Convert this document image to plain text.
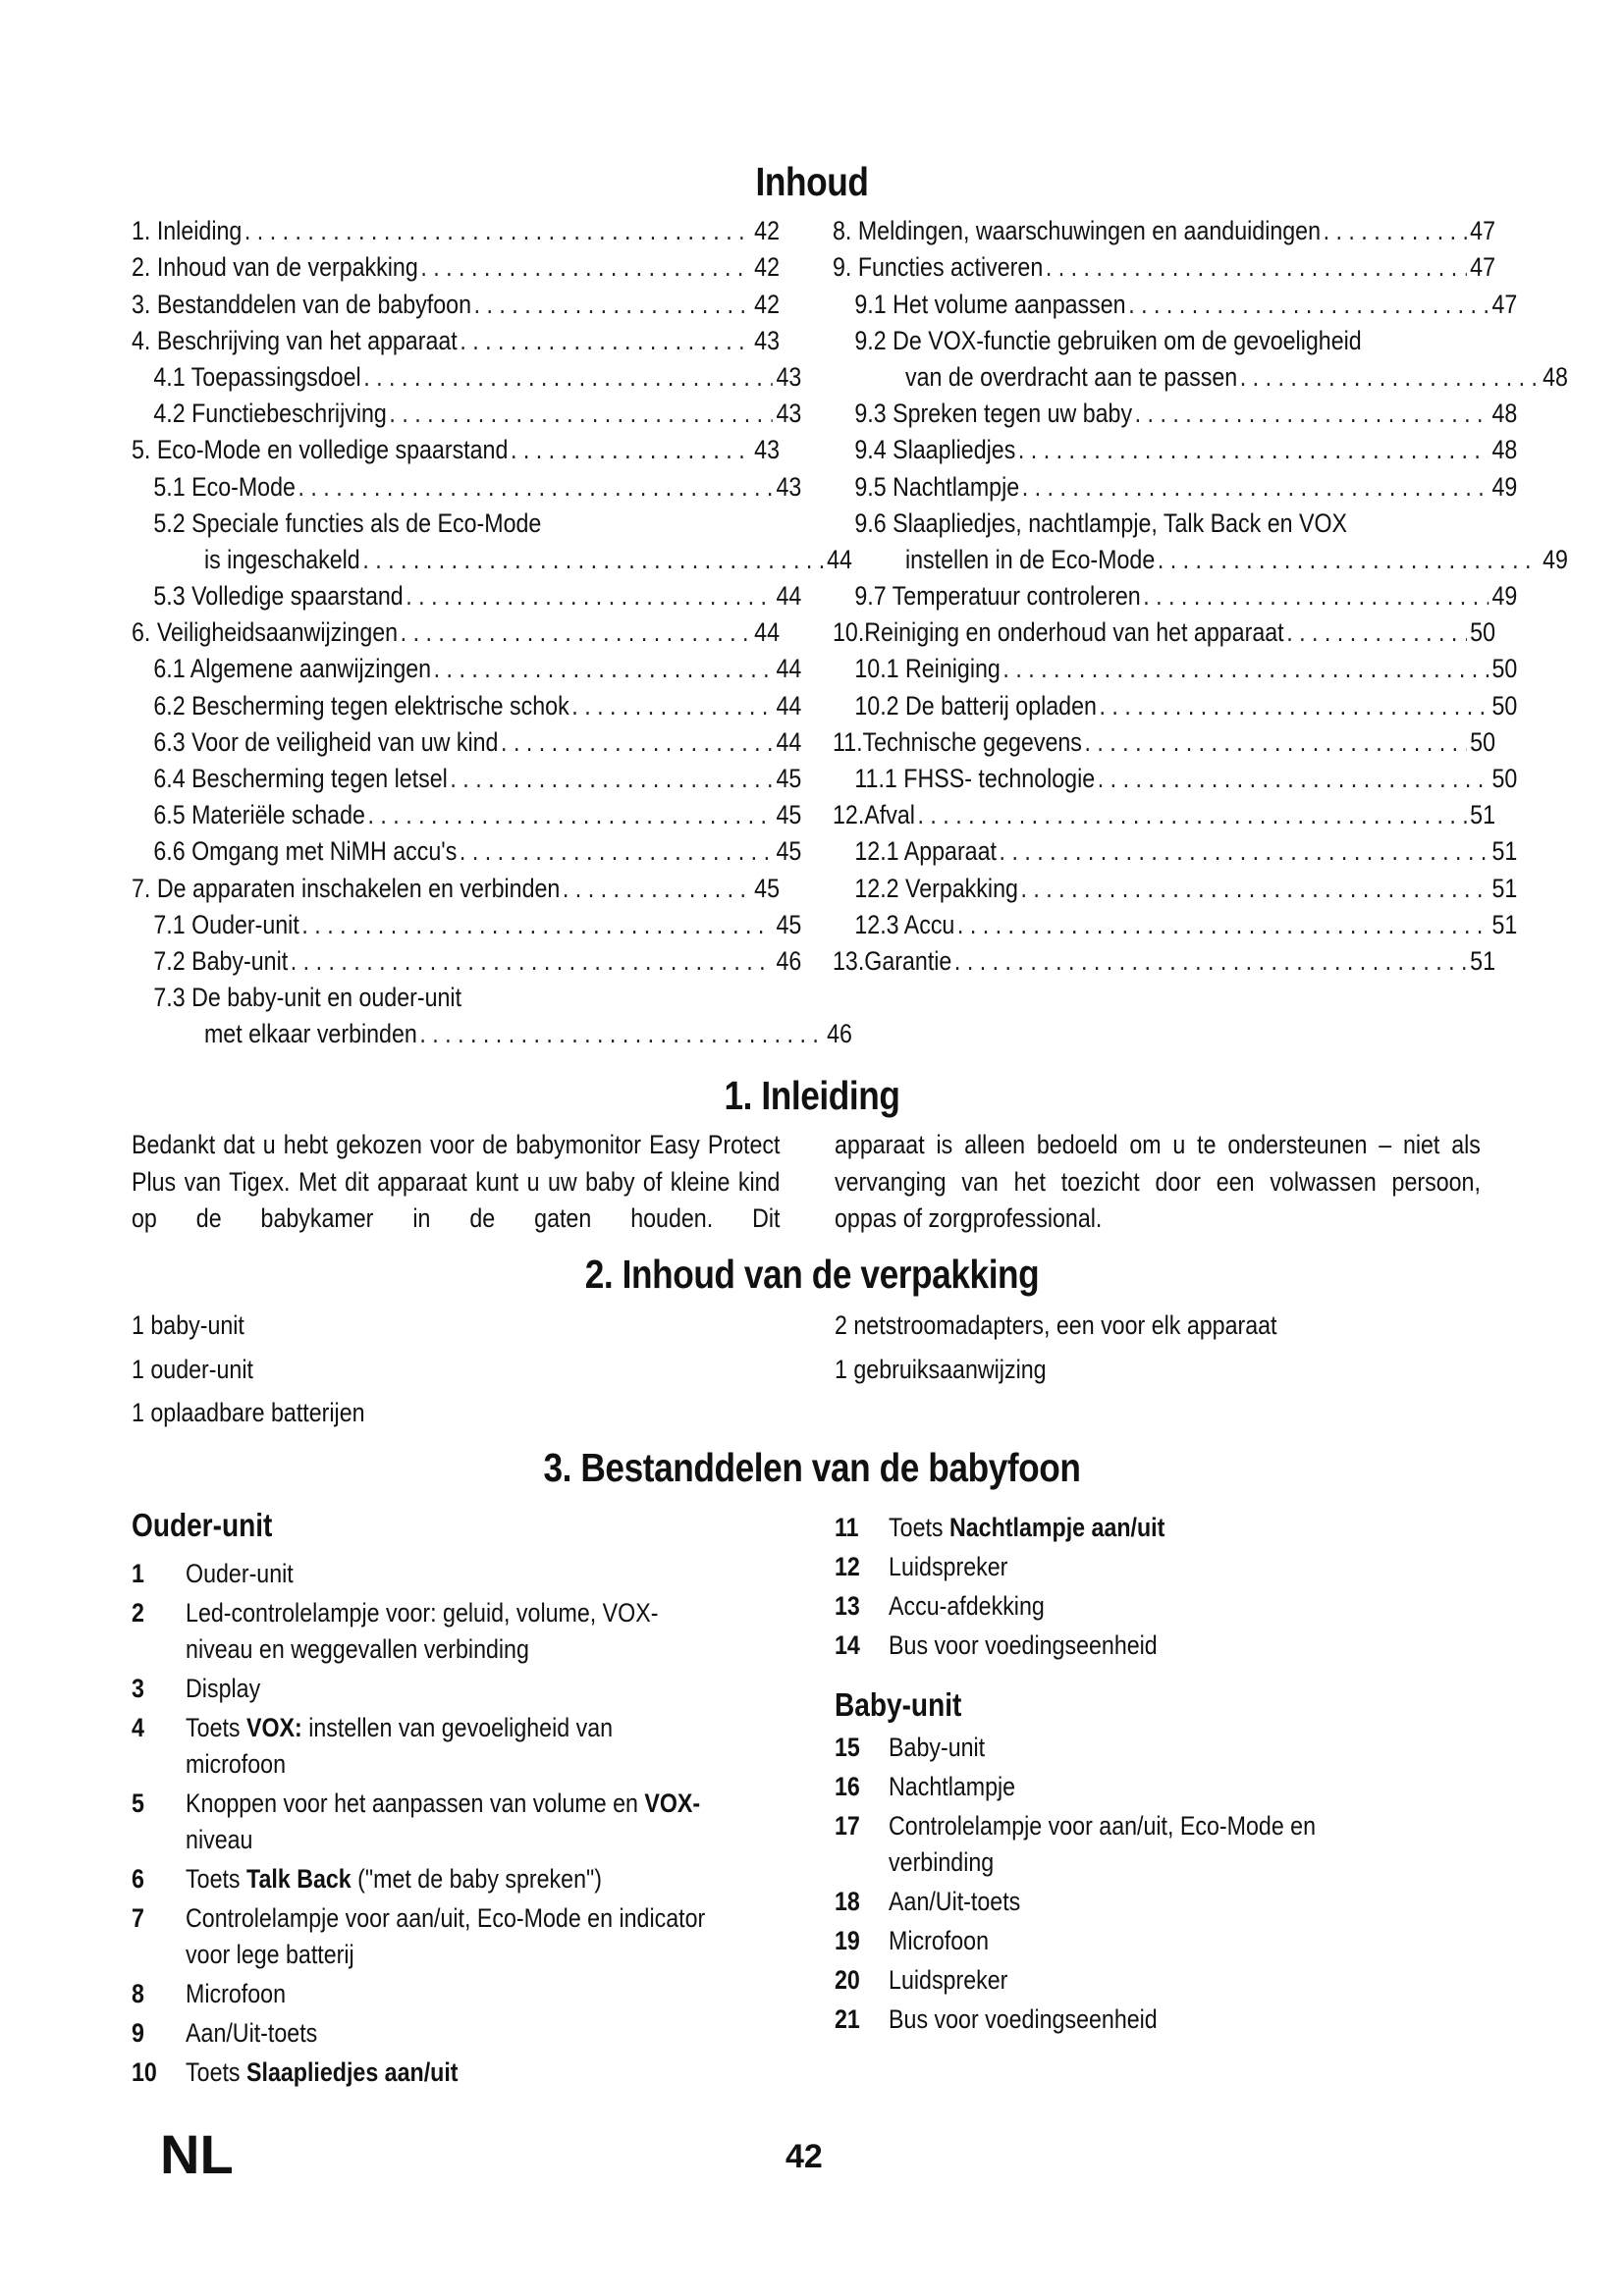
Inhoud
1. Inleiding . . .	42
2. Inhoud van de verpakking . . .	42
3. Bestanddelen van de babyfoon . . .	42
4. Beschrijving van het apparaat . . .	43
4.1 Toepassingsdoel . . .	43
4.2 Functiebeschrijving . . .	43
5. Eco-Mode en volledige spaarstand . . .	43
5.1 Eco-Mode . . .	43
5.2 Speciale functies als de Eco-Mode
is ingeschakeld . . .	44
5.3 Volledige spaarstand . . .	44
6. Veiligheidsaanwijzingen . . .	44
6.1 Algemene aanwijzingen . . .	44
6.2 Bescherming tegen elektrische schok . . .	44
6.3 Voor de veiligheid van uw kind . . .	44
6.4 Bescherming tegen letsel . . .	45
6.5 Materiële schade . . .	45
6.6 Omgang met NiMH accu's . . .	45
7. De apparaten inschakelen en verbinden . . .	45
7.1 Ouder-unit . . .	45
7.2 Baby-unit . . .	46
7.3 De baby-unit en ouder-unit
met elkaar verbinden . . .	46
8. Meldingen, waarschuwingen en aanduidingen . . .	47
9. Functies activeren . . .	47
9.1 Het volume aanpassen . . .	47
9.2 De VOX-functie gebruiken om de gevoeligheid
van de overdracht aan te passen . . .	48
9.3 Spreken tegen uw baby . . .	48
9.4 Slaapliedjes . . .	48
9.5 Nachtlampje . . .	49
9.6 Slaapliedjes, nachtlampje, Talk Back en VOX
instellen in de Eco-Mode . . .	49
9.7 Temperatuur controleren . . .	49
10.Reiniging en onderhoud van het apparaat . . .	50
10.1 Reiniging . . .	50
10.2 De batterij opladen . . .	50
11.Technische gegevens . . .	50
11.1 FHSS- technologie . . .	50
12.Afval . . .	51
12.1 Apparaat . . .	51
12.2 Verpakking . . .	51
12.3 Accu . . .	51
13.Garantie . . .	51
1. Inleiding
Bedankt dat u hebt gekozen voor de babymonitor Easy Protect Plus van Tigex. Met dit apparaat kunt u uw baby of kleine kind op de babykamer in de gaten houden. Dit
apparaat is alleen bedoeld om u te ondersteunen – niet als vervanging van het toezicht door een volwassen persoon, oppas of zorgprofessional.
2. Inhoud van de verpakking
1 baby-unit
1 ouder-unit
1 oplaadbare batterijen
2 netstroomadapters, een voor elk apparaat
1 gebruiksaanwijzing
3. Bestanddelen van de babyfoon
Ouder-unit
1 Ouder-unit
2 Led-controlelampje voor: geluid, volume, VOX-niveau en weggevallen verbinding
3 Display
4 Toets VOX: instellen van gevoeligheid van microfoon
5 Knoppen voor het aanpassen van volume en VOX- niveau
6 Toets Talk Back ("met de baby spreken")
7 Controlelampje voor aan/uit, Eco-Mode en indicator voor lege batterij
8 Microfoon
9 Aan/Uit-toets
10 Toets Slaapliedjes aan/uit
11 Toets Nachtlampje aan/uit
12 Luidspreker
13 Accu-afdekking
14 Bus voor voedingseenheid
Baby-unit
15 Baby-unit
16 Nachtlampje
17 Controlelampje voor aan/uit, Eco-Mode en verbinding
18 Aan/Uit-toets
19 Microfoon
20 Luidspreker
21 Bus voor voedingseenheid
NL	42
